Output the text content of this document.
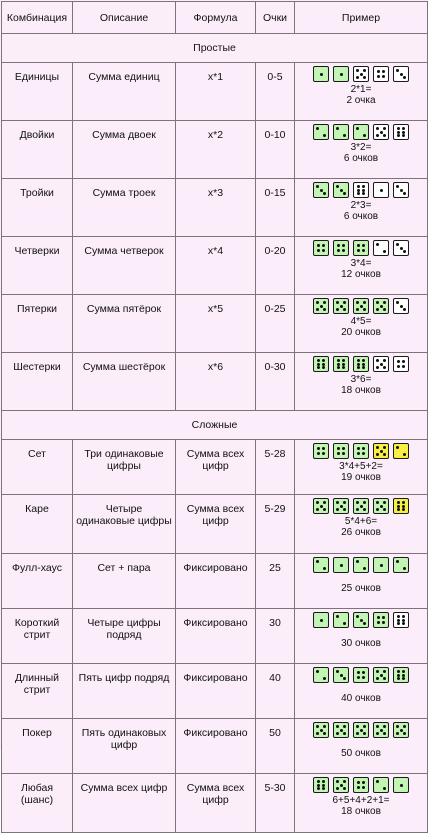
Комбинация	Описание	Формула	Очки	Пример
Простые				
Единицы	Сумма единиц	x*1	0-5	2*1=
2 очка

Двойки	Сумма двоек	x*2	0-10	3*2=
6 очков

Тройки	Сумма троек	x*3	0-15	2*3=
6 очков

Четверки	Сумма четверок	x*4	0-20	3*4=
12 очков

Пятерки	Сумма пятёрок	x*5	0-25	4*5=
20 очков

Шестерки	Сумма шестёрок	x*6	0-30	3*6=
18 очков

Сложные				
Сет	Три одинаковые цифры	Сумма всех цифр	5-28	3*4+5+2=
19 очков

Каре	Четыре одинаковые цифры	Сумма всех цифр	5-29	5*4+6=
26 очков

Фулл-хаус	Сет + пара	Фиксировано	25	25 очков

Короткий стрит	Четыре цифры подряд	Фиксировано	30	30 очков

Длинный стрит	Пять цифр подряд	Фиксировано	40	40 очков

Покер	Пять одинаковых цифр	Фиксировано	50	50 очков

Любая (шанс)	Сумма всех цифр	Сумма всех цифр	5-30	6+5+4+2+1=
18 очков
